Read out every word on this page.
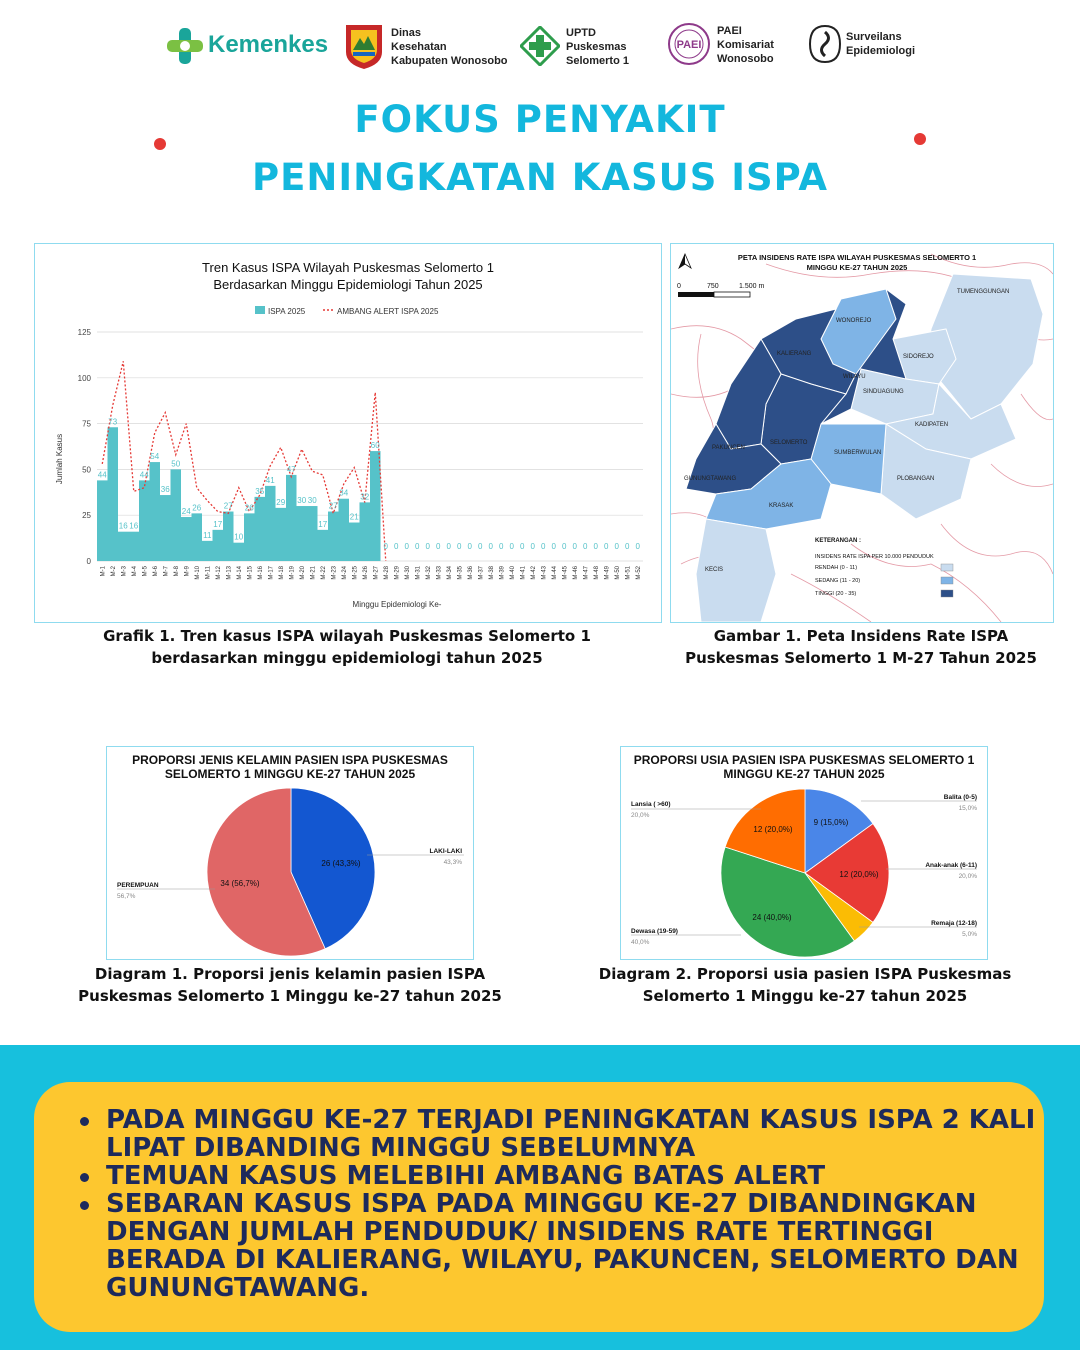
Kemenkes	Dinas
Kesehatan
Kabupaten Wonosobo
UPTD
Puskesmas
Selomerto 1
PAEI
PAEI
Komisariat
Wonosobo
Surveilans
Epidemiologi
FOKUS PENYAKIT
PENINGKATAN KASUS ISPA
Tren Kasus ISPA Wilayah Puskesmas Selomerto 1
Berdasarkan Minggu Epidemiologi Tahun 2025
ISPA 2025	AMBANG ALERT ISPA 2025
Jumlah Kasus
Minggu Epidemiologi Ke-
0
25
50
75
100
125
44
73
16 16
44
54
36
50
24 26
11
17
27
10
26
35
41
29
47
30 30
17
27
34
21
32
60
0 0 0 0 0 0 0 0 0 0 0 0 0 0 0 0 0 0 0 0 0 0 0 0 0
M-1 M-2 M-3 M-4 M-5 M-6 M-7 M-8 M-9 M-10 M-11 M-12 M-13 M-14 M-15 M-16 M-17 M-18 M-19 M-20 M-21 M-22 M-23 M-24 M-25 M-26 M-27 M-28 M-29 M-30 M-31 M-32 M-33 M-34 M-35 M-36 M-37 M-38 M-39 M-40 M-41 M-42 M-43 M-44 M-45 M-46 M-47 M-48 M-49 M-50 M-51 M-52
PETA INSIDENS RATE ISPA WILAYAH PUSKESMAS SELOMERTO 1
MINGGU KE-27 TAHUN 2025
0	750	1.500 m
TUMENGGUNGAN
WONOREJO
KALIERANG	SIDOREJO
WILAYU
SINDUAGUNG
KADIPATEN
PAKUNCEN
SELOMERTO
SUMBERWULAN
GUNUNGTAWANG
KRASAK
PLOBANGAN
KECIS
KETERANGAN :
INSIDENS RATE ISPA PER 10.000 PENDUDUK
RENDAH (0 - 11)
SEDANG (11 - 20)
TINGGI (20 - 35)
Grafik 1. Tren kasus ISPA wilayah Puskesmas Selomerto 1
berdasarkan minggu epidemiologi tahun 2025
Gambar 1. Peta Insidens Rate ISPA
Puskesmas Selomerto 1 M-27 Tahun 2025
PROPORSI JENIS KELAMIN PASIEN ISPA PUSKESMAS
SELOMERTO 1 MINGGU KE-27 TAHUN 2025
26 (43,3%)
34 (56,7%)
LAKI-LAKI
43,3%
PEREMPUAN
56,7%
PROPORSI USIA PASIEN ISPA PUSKESMAS SELOMERTO 1
MINGGU KE-27 TAHUN 2025
9 (15,0%)
12 (20,0%)
24 (40,0%)
12 (20,0%)
Balita (0-5)
15,0%
Anak-anak (6-11)
20,0%
Remaja (12-18)
5,0%
Dewasa (19-59)
40,0%
Lansia ( >60)
20,0%
Diagram 1. Proporsi jenis kelamin pasien ISPA
Puskesmas Selomerto 1 Minggu ke-27 tahun 2025
Diagram 2. Proporsi usia pasien ISPA Puskesmas
Selomerto 1 Minggu ke-27 tahun 2025
PADA MINGGU KE-27 TERJADI PENINGKATAN KASUS ISPA 2 KALI LIPAT DIBANDING MINGGU SEBELUMNYA
TEMUAN KASUS MELEBIHI AMBANG BATAS ALERT
SEBARAN KASUS ISPA PADA MINGGU KE-27 DIBANDINGKAN DENGAN JUMLAH PENDUDUK/ INSIDENS RATE TERTINGGI BERADA DI KALIERANG, WILAYU, PAKUNCEN, SELOMERTO DAN GUNUNGTAWANG.
